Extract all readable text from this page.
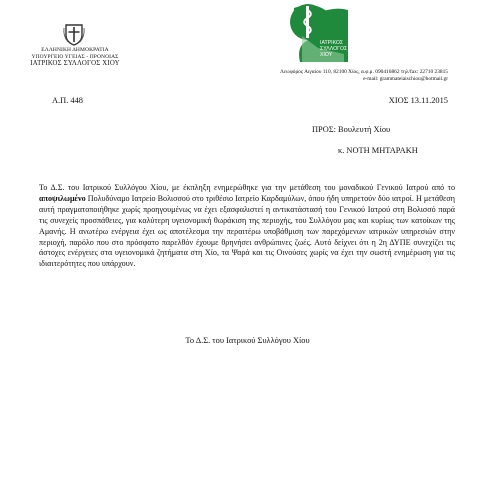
ΕΛΛΗΝΙΚΗ ΔΗΜΟΚΡΑΤΙΑ
ΥΠΟΥΡΓΕΙΟ ΥΓΕΙΑΣ - ΠΡΟΝΟΙΑΣ
ΙΑΤΡΙΚΟΣ ΣΥΛΛΟΓΟΣ ΧΙΟΥ
ΙΑΤΡΙΚΟΣ
ΣΥΛΛΟΓΟΣ
ΧΙΟΥ
Λεωφόρος Αιγαίου 110, 82100 Χίος, α.φ.μ. 090416862 τηλ/fax: 22710 23815
e-mail: grammateiaischiou@hotmail.gr
Α.Π. 448	ΧΙΟΣ 13.11.2015
ΠΡΟΣ: Βουλευτή Χίου
κ. ΝΟΤΗ ΜΗΤΑΡΑΚΗ
Το Δ.Σ. του Ιατρικού Συλλόγου Χίου, με έκπληξη ενημερώθηκε για την μετάθεση του μοναδικού Γενικού Ιατρού από το αποψιλωμένο Πολυδύναμο Ιατρείο Βολισσού στο τριθέσιο Ιατρείο Καρδαμύλων, όπου ήδη υπηρετούν δύο ιατροί. Η μετάθεση αυτή πραγματοποιήθηκε χωρίς προηγουμένως να έχει εξασφαλιστεί η αντικατάστασή του Γενικού Ιατρού στη Βολισσό παρά τις συνεχείς προσπάθειες, για καλύτερη υγειονομική θωράκιση της περιοχής, του Συλλόγου μας και κυρίως των κατοίκων της Αμανής. Η ανωτέρω ενέργεια έχει ως αποτέλεσμα την περαιτέρω υποβάθμιση των παρεχόμενων ιατρικών υπηρεσιών στην περιοχή, παρόλο που στο πρόσφατο παρελθόν έχουμε θρηνήσει ανθρώπινες ζωές. Αυτό δείχνει ότι η 2η ΔΥΠΕ συνεχίζει τις άστοχες ενέργειες στα υγειονομικά ζητήματα στη Χίο, τα Ψαρά και τις Οινούσες χωρίς να έχει την σωστή ενημέρωση για τις ιδιαιτερότητες που υπάρχουν.
Το Δ.Σ. του Ιατρικού Συλλόγου Χίου
